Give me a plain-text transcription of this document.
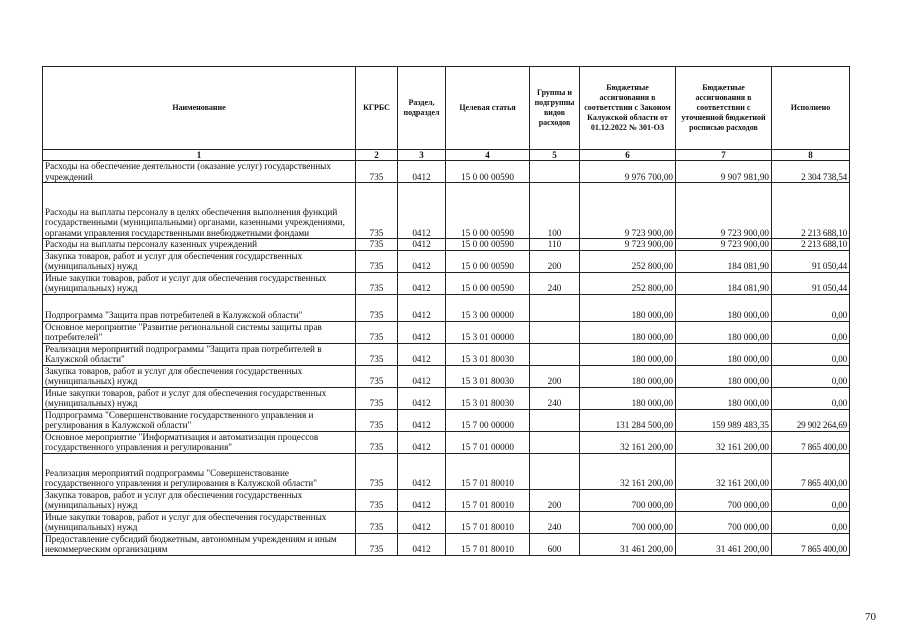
Наименование	КГРБС	Раздел, подраздел	Целевая статья	Группы и подгруппы видов расходов	Бюджетные ассигнования в соответствии с Законом Калужской области от 01.12.2022 № 301-ОЗ	Бюджетные ассигнования в соответствии с уточненной бюджетной росписью расходов	Исполнено
1	2	3	4	5	6	7	8
Расходы на обеспечение деятельности (оказание услуг) государственных учреждений	735	0412	15 0 00 00590		9 976 700,00	9 907 981,90	2 304 738,54
Расходы на выплаты персоналу в целях обеспечения выполнения функций государственными (муниципальными) органами, казенными учреждениями, органами управления государственными внебюджетными фондами	735	0412	15 0 00 00590	100	9 723 900,00	9 723 900,00	2 213 688,10
Расходы на выплаты персоналу казенных учреждений	735	0412	15 0 00 00590	110	9 723 900,00	9 723 900,00	2 213 688,10
Закупка товаров, работ и услуг для обеспечения государственных (муниципальных) нужд	735	0412	15 0 00 00590	200	252 800,00	184 081,90	91 050,44
Иные закупки товаров, работ и услуг для обеспечения государственных (муниципальных) нужд	735	0412	15 0 00 00590	240	252 800,00	184 081,90	91 050,44
Подпрограмма "Защита прав потребителей в Калужской области"	735	0412	15 3 00 00000		180 000,00	180 000,00	0,00
Основное мероприятие "Развитие региональной системы защиты прав потребителей"	735	0412	15 3 01 00000		180 000,00	180 000,00	0,00
Реализация мероприятий подпрограммы "Защита прав потребителей в Калужской области"	735	0412	15 3 01 80030		180 000,00	180 000,00	0,00
Закупка товаров, работ и услуг для обеспечения государственных (муниципальных) нужд	735	0412	15 3 01 80030	200	180 000,00	180 000,00	0,00
Иные закупки товаров, работ и услуг для обеспечения государственных (муниципальных) нужд	735	0412	15 3 01 80030	240	180 000,00	180 000,00	0,00
Подпрограмма "Совершенствование государственного управления и регулирования в Калужской области"	735	0412	15 7 00 00000		131 284 500,00	159 989 483,35	29 902 264,69
Основное мероприятие "Информатизация и автоматизация процессов государственного управления и регулирования"	735	0412	15 7 01 00000		32 161 200,00	32 161 200,00	7 865 400,00
Реализация мероприятий подпрограммы "Совершенствование государственного управления и регулирования в Калужской области"	735	0412	15 7 01 80010		32 161 200,00	32 161 200,00	7 865 400,00
Закупка товаров, работ и услуг для обеспечения государственных (муниципальных) нужд	735	0412	15 7 01 80010	200	700 000,00	700 000,00	0,00
Иные закупки товаров, работ и услуг для обеспечения государственных (муниципальных) нужд	735	0412	15 7 01 80010	240	700 000,00	700 000,00	0,00
Предоставление субсидий бюджетным, автономным учреждениям и иным некоммерческим организациям	735	0412	15 7 01 80010	600	31 461 200,00	31 461 200,00	7 865 400,00
70
